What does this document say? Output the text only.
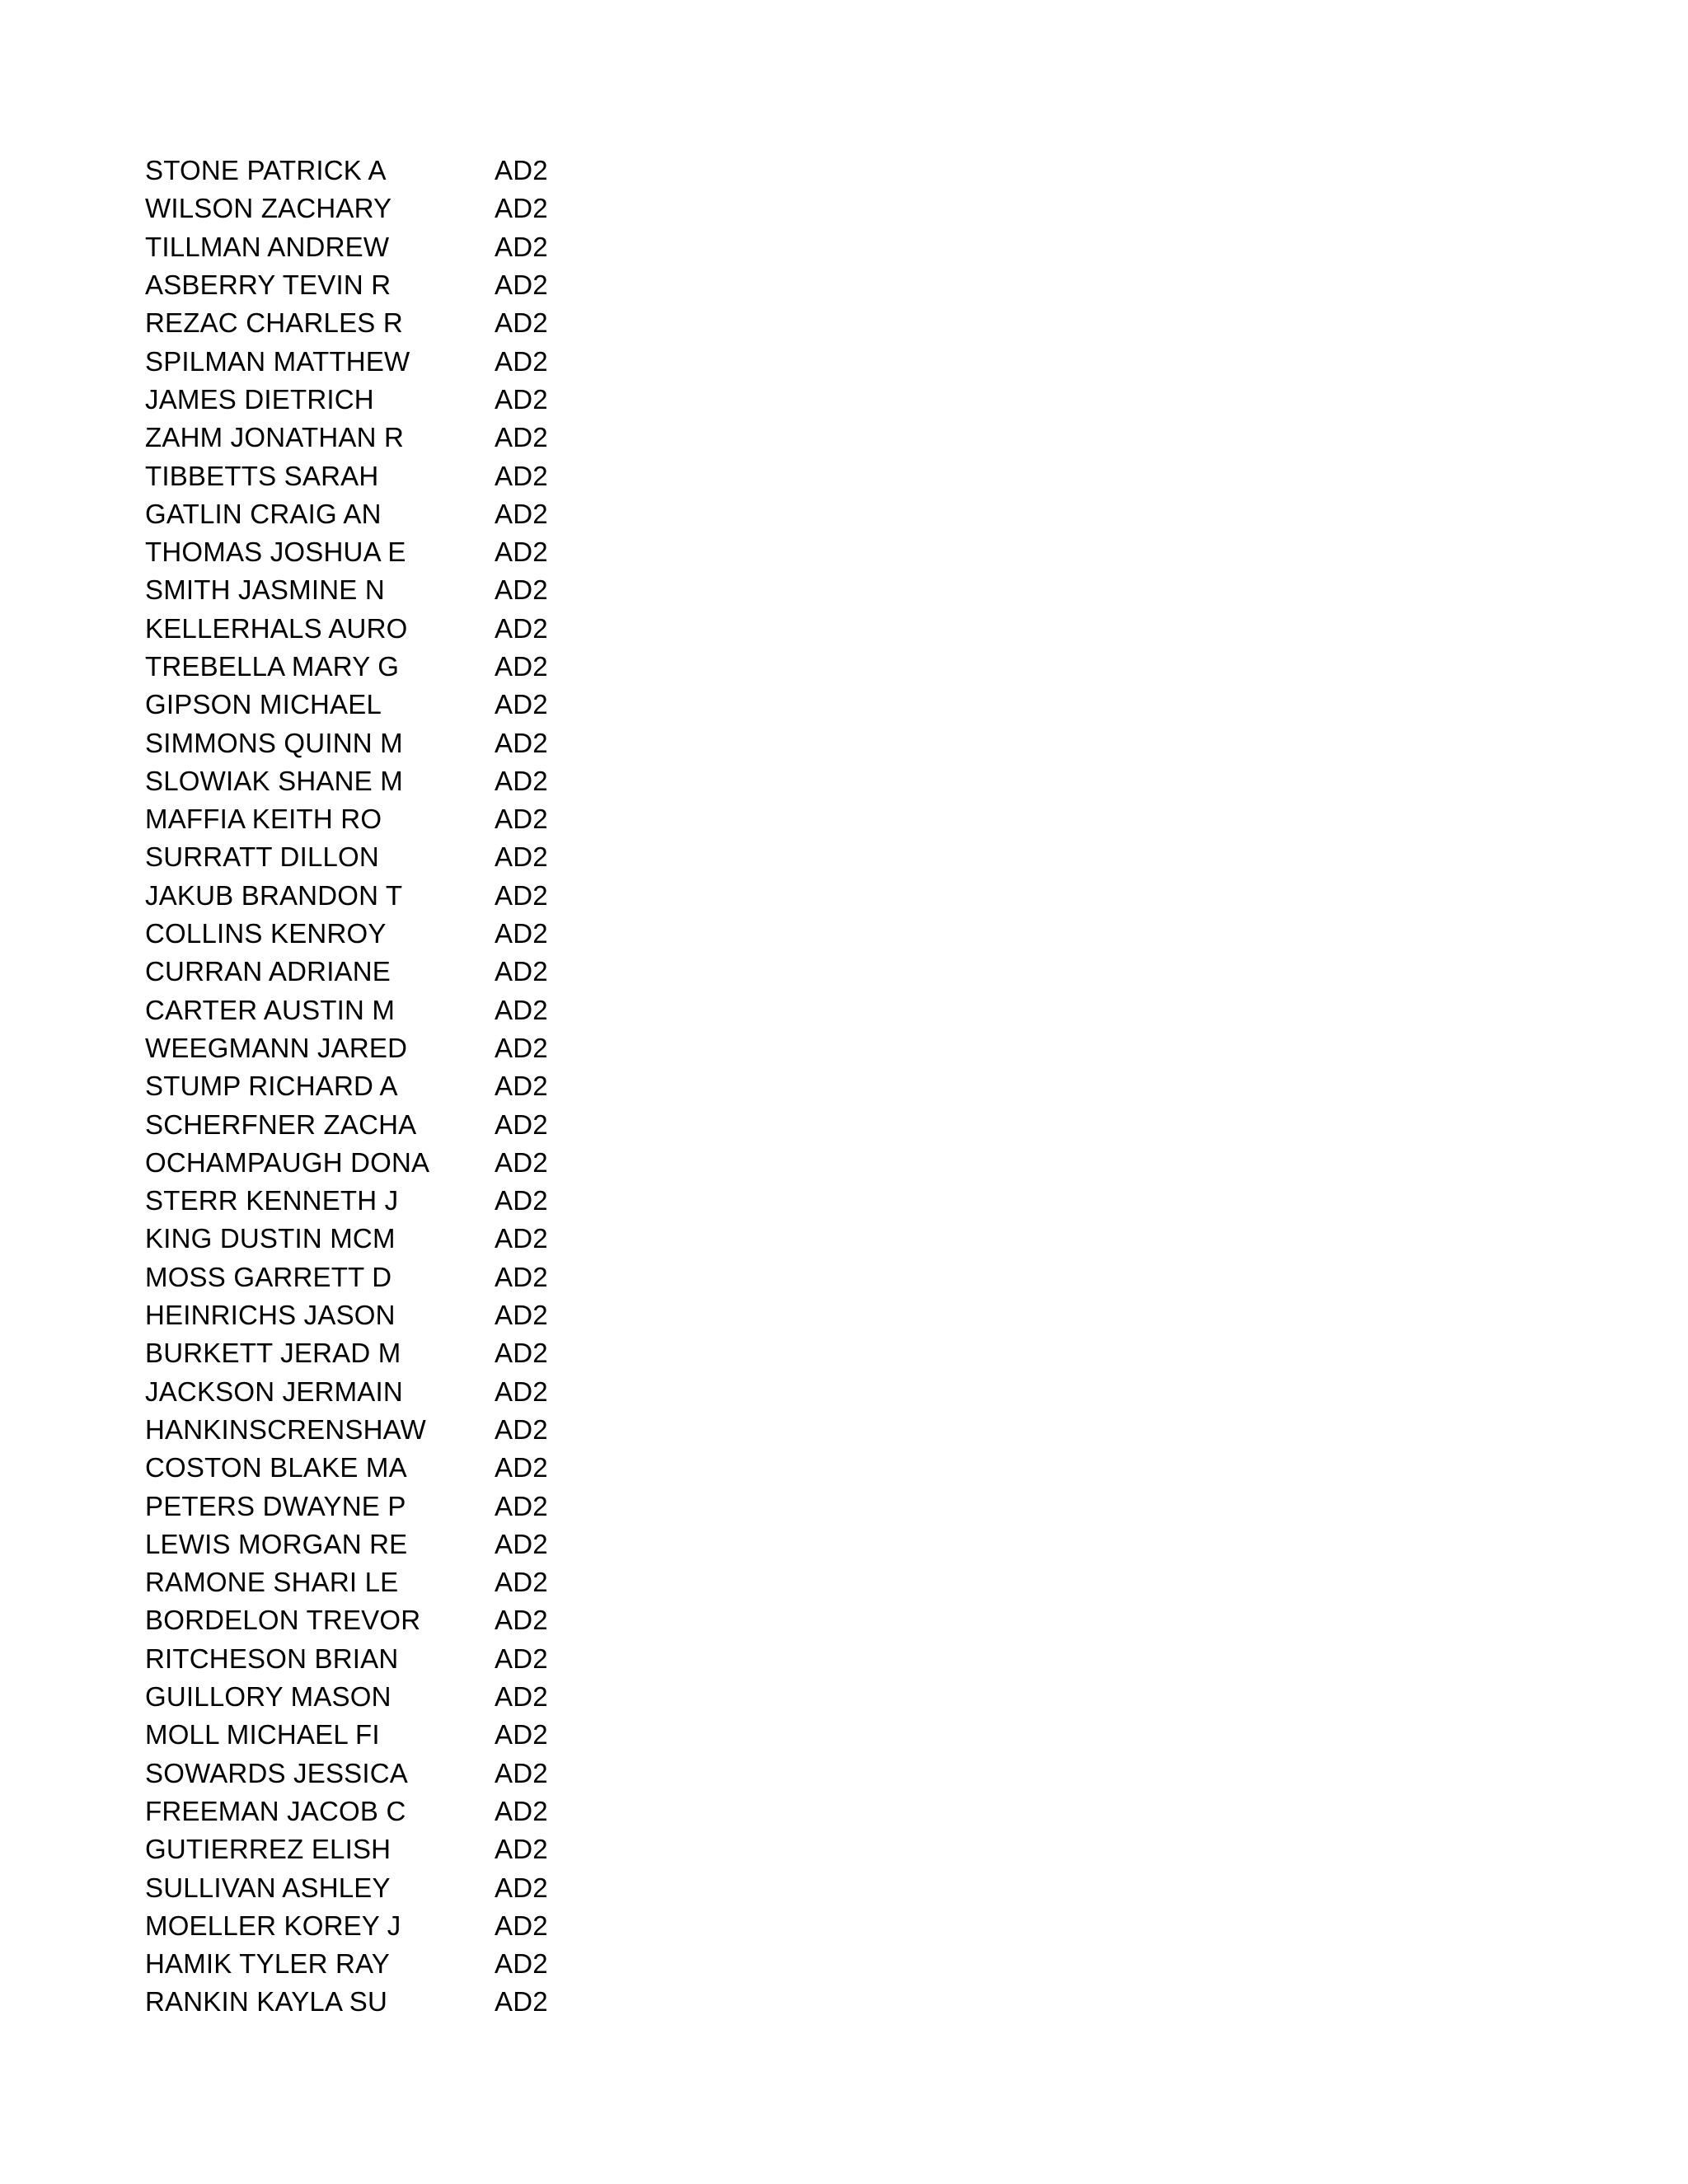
STONE PATRICK A	AD2
WILSON ZACHARY	AD2
TILLMAN ANDREW	AD2
ASBERRY TEVIN R	AD2
REZAC CHARLES R	AD2
SPILMAN MATTHEW	AD2
JAMES DIETRICH	AD2
ZAHM JONATHAN R	AD2
TIBBETTS SARAH	AD2
GATLIN CRAIG AN	AD2
THOMAS JOSHUA E	AD2
SMITH JASMINE N	AD2
KELLERHALS AURO	AD2
TREBELLA MARY G	AD2
GIPSON MICHAEL	AD2
SIMMONS QUINN M	AD2
SLOWIAK SHANE M	AD2
MAFFIA KEITH RO	AD2
SURRATT DILLON	AD2
JAKUB BRANDON T	AD2
COLLINS KENROY	AD2
CURRAN ADRIANE	AD2
CARTER AUSTIN M	AD2
WEEGMANN JARED	AD2
STUMP RICHARD A	AD2
SCHERFNER ZACHA	AD2
OCHAMPAUGH DONA	AD2
STERR KENNETH J	AD2
KING DUSTIN MCM	AD2
MOSS GARRETT D	AD2
HEINRICHS JASON	AD2
BURKETT JERAD M	AD2
JACKSON JERMAIN	AD2
HANKINSCRENSHAW	AD2
COSTON BLAKE MA	AD2
PETERS DWAYNE P	AD2
LEWIS MORGAN RE	AD2
RAMONE SHARI LE	AD2
BORDELON TREVOR	AD2
RITCHESON BRIAN	AD2
GUILLORY MASON	AD2
MOLL MICHAEL FI	AD2
SOWARDS JESSICA	AD2
FREEMAN JACOB C	AD2
GUTIERREZ ELISH	AD2
SULLIVAN ASHLEY	AD2
MOELLER KOREY J	AD2
HAMIK TYLER RAY	AD2
RANKIN KAYLA SU	AD2
